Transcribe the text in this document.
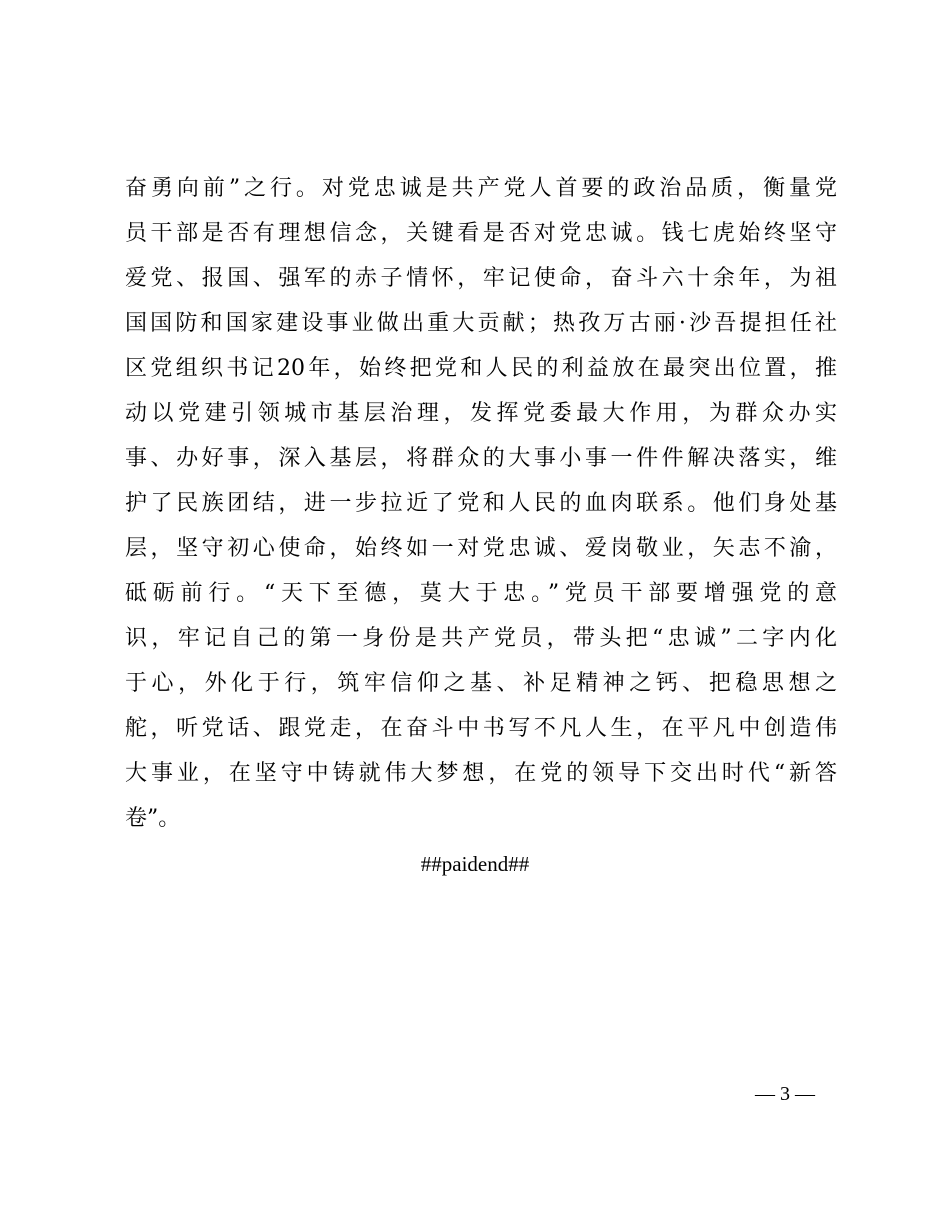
奋勇向前”之行。对党忠诚是共产党人首要的政治品质，衡量党
员干部是否有理想信念，关键看是否对党忠诚。钱七虎始终坚守
爱党、报国、强军的赤子情怀，牢记使命，奋斗六十余年，为祖
国国防和国家建设事业做出重大贡献；热孜万古丽·沙吾提担任社
区党组织书记20年，始终把党和人民的利益放在最突出位置，推
动以党建引领城市基层治理，发挥党委最大作用，为群众办实
事、办好事，深入基层，将群众的大事小事一件件解决落实，维
护了民族团结，进一步拉近了党和人民的血肉联系。他们身处基
层，坚守初心使命，始终如一对党忠诚、爱岗敬业，矢志不渝，
砥砺前行。“天下至德，莫大于忠。”党员干部要增强党的意
识，牢记自己的第一身份是共产党员，带头把“忠诚”二字内化
于心，外化于行，筑牢信仰之基、补足精神之钙、把稳思想之
舵，听党话、跟党走，在奋斗中书写不凡人生，在平凡中创造伟
大事业，在坚守中铸就伟大梦想，在党的领导下交出时代“新答
卷”。
##paidend##
— 3 —
